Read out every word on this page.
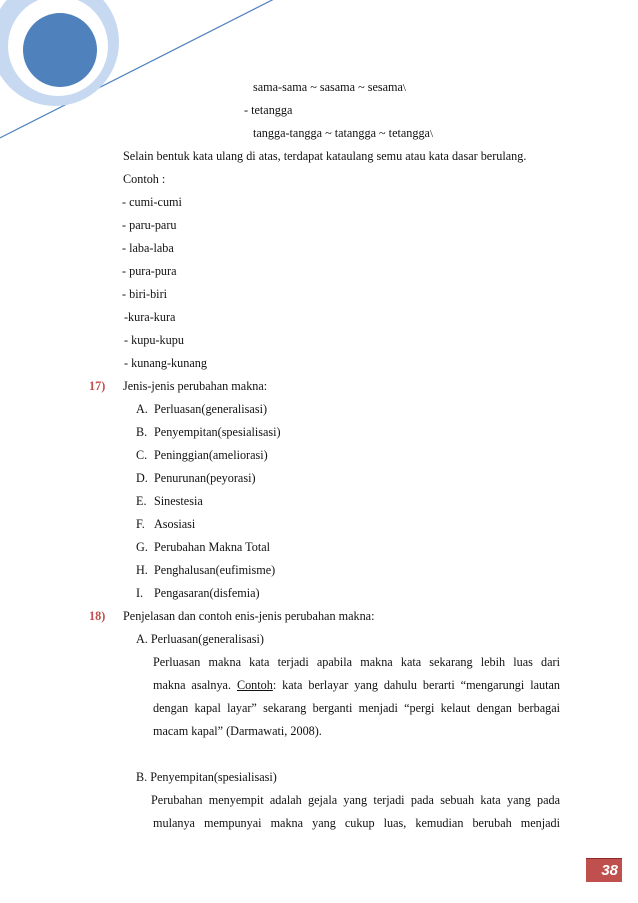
sama-sama ~ sasama ~ sesama\
- tetangga
tangga-tangga ~ tatangga ~ tetangga\
Selain bentuk kata ulang di atas, terdapat kataulang semu atau kata dasar berulang.
Contoh :
- cumi-cumi
- paru-paru
- laba-laba
- pura-pura
- biri-biri
-kura-kura
- kupu-kupu
- kunang-kunang
17) Jenis-jenis perubahan makna:
A. Perluasan(generalisasi)
B. Penyempitan(spesialisasi)
C. Peninggian(ameliorasi)
D. Penurunan(peyorasi)
E. Sinestesia
F. Asosiasi
G. Perubahan Makna Total
H. Penghalusan(eufimisme)
I. Pengasaran(disfemia)
18) Penjelasan dan contoh enis-jenis perubahan makna:
A. Perluasan(generalisasi)
Perluasan makna kata terjadi apabila makna kata sekarang lebih luas dari
makna asalnya. Contoh: kata berlayar yang dahulu berarti “mengarungi lautan
dengan kapal layar” sekarang berganti menjadi “pergi kelaut dengan berbagai
macam kapal” (Darmawati, 2008).
B. Penyempitan(spesialisasi)
Perubahan menyempit adalah gejala yang terjadi pada sebuah kata yang pada
mulanya mempunyai makna yang cukup luas, kemudian berubah menjadi
38
